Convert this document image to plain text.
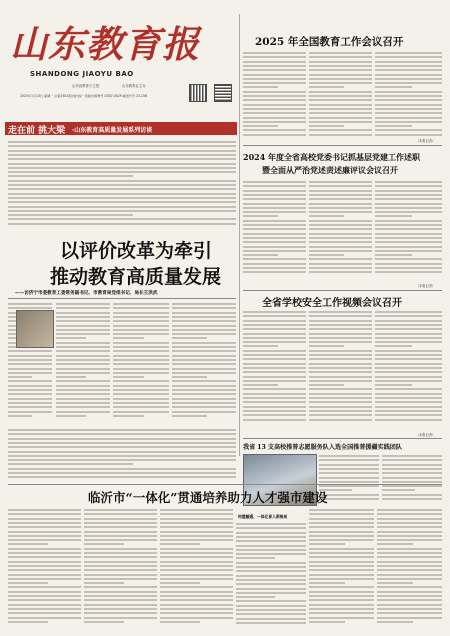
山东教育报
SHANDONG JIAOYU BAO
山东省教育厅主管	山东教育社主办
2025年1月13日 星期一 总第1922期 国内统一连续出版物号 CN37-0029 邮发代号 23-256
走在前 挑大梁 ·山东教育高质量发展系列访谈
以评价改革为牵引
推动教育高质量发展
——访济宁市委教育工委常务副书记、市教育局党组书记、局长王洪武
2025 年全国教育工作会议召开
（本报记者）
2024 年度全省高校党委书记抓基层党建工作述职
暨全面从严治党述责述廉评议会议召开
（本报记者）
全省学校安全工作视频会议召开
（本报记者）
我省 13 支高校推普志愿服务队入选全国推普援疆实践团队
临沂市“一体化”贯通培养助力人才强市建设
构建融通、一体化育人新格局
